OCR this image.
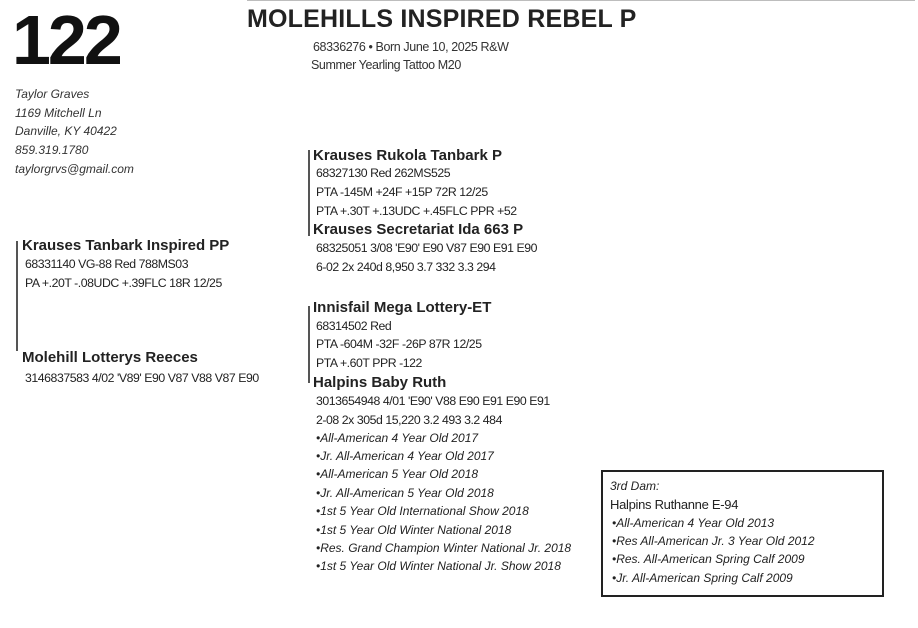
122	MOLEHILLS INSPIRED REBEL P
68336276 • Born June 10, 2025 R&W
Summer Yearling Tattoo M20
Taylor Graves
1169 Mitchell Ln
Danville, KY 40422
859.319.1780
taylorgrvs@gmail.com
Krauses Tanbark Inspired PP
68331140 VG-88 Red 788MS03
PA +.20T -.08UDC +.39FLC 18R 12/25
Molehill Lotterys Reeces
3146837583 4/02 'V89' E90 V87 V88 V87 E90
Krauses Rukola Tanbark P
68327130 Red 262MS525
PTA -145M +24F +15P 72R 12/25
PTA +.30T +.13UDC +.45FLC PPR +52
Krauses Secretariat Ida 663 P
68325051 3/08 'E90' E90 V87 E90 E91 E90
6-02 2x 240d 8,950 3.7 332 3.3 294
Innisfail Mega Lottery-ET
68314502 Red
PTA -604M -32F -26P 87R 12/25
PTA +.60T PPR -122
Halpins Baby Ruth
3013654948 4/01 'E90' V88 E90 E91 E90 E91
2-08 2x 305d 15,220 3.2 493 3.2 484
•All-American 4 Year Old 2017
•Jr. All-American 4 Year Old 2017
•All-American 5 Year Old 2018
•Jr. All-American 5 Year Old 2018
•1st 5 Year Old International Show 2018
•1st 5 Year Old Winter National 2018
•Res. Grand Champion Winter National Jr. 2018
•1st 5 Year Old Winter National Jr. Show 2018
3rd Dam:
Halpins Ruthanne E-94
•All-American 4 Year Old 2013
•Res All-American Jr. 3 Year Old 2012
•Res. All-American Spring Calf 2009
•Jr. All-American Spring Calf 2009
